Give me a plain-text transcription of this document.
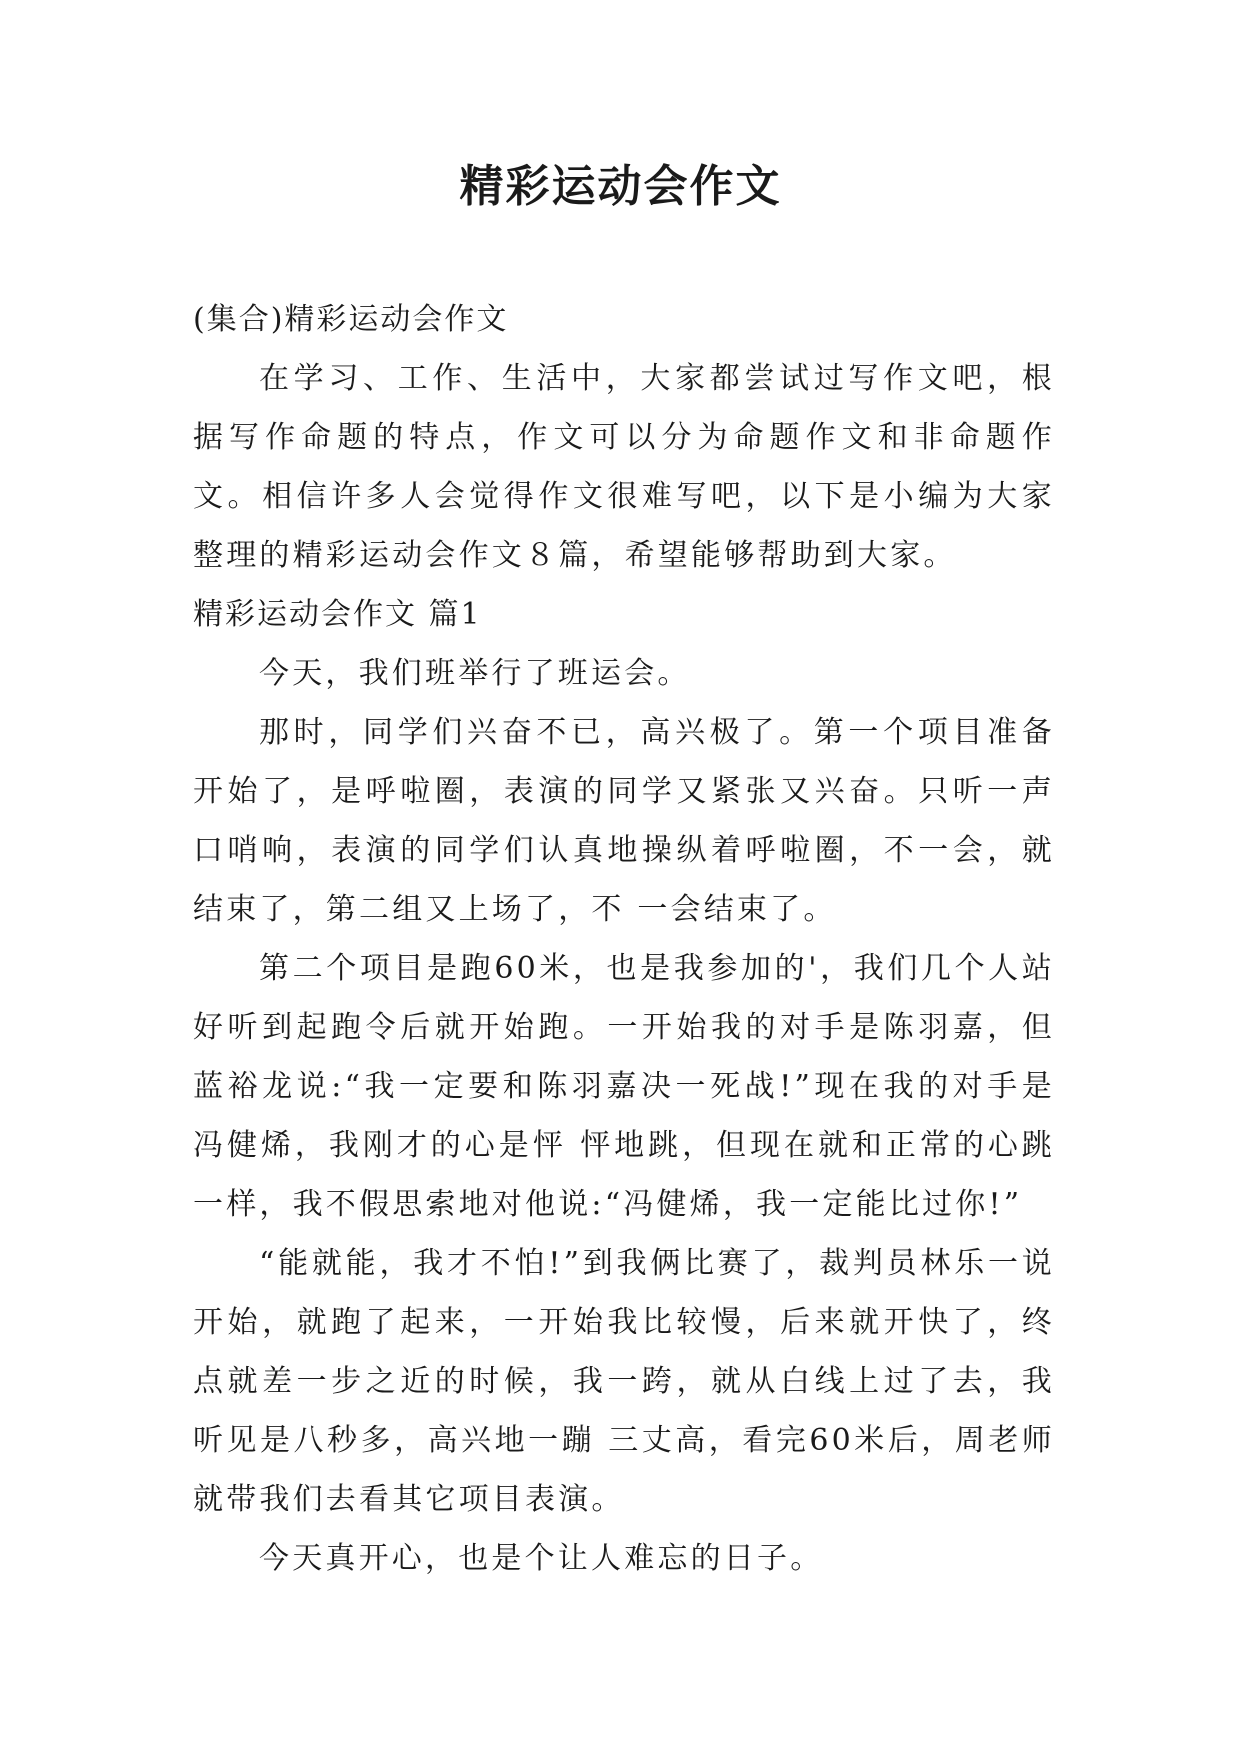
精彩运动会作文

(集合)精彩运动会作文

在学习、工作、生活中，大家都尝试过写作文吧，根据写作命题的特点，作文可以分为命题作文和非命题作文。相信许多人会觉得作文很难写吧，以下是小编为大家整理的精彩运动会作文８篇，希望能够帮助到大家。

精彩运动会作文 篇1

今天，我们班举行了班运会。

那时，同学们兴奋不已，高兴极了。第一个项目准备开始了，是呼啦圈，表演的同学又紧张又兴奋。只听一声口哨响，表演的同学们认真地操纵着呼啦圈，不一会，就结束了，第二组又上场了，不 一会结束了。

第二个项目是跑60米，也是我参加的'，我们几个人站好听到起跑令后就开始跑。一开始我的对手是陈羽嘉，但蓝裕龙说:“我一定要和陈羽嘉决一死战!”现在我的对手是冯健烯，我刚才的心是怦 怦地跳，但现在就和正常的心跳一样，我不假思索地对他说:“冯健烯，我一定能比过你!”

“能就能，我才不怕!”到我俩比赛了，裁判员林乐一说开始，就跑了起来，一开始我比较慢，后来就开快了，终点就差一步之近的时候，我一跨，就从白线上过了去，我听见是八秒多，高兴地一蹦 三丈高，看完60米后，周老师就带我们去看其它项目表演。

今天真开心，也是个让人难忘的日子。
